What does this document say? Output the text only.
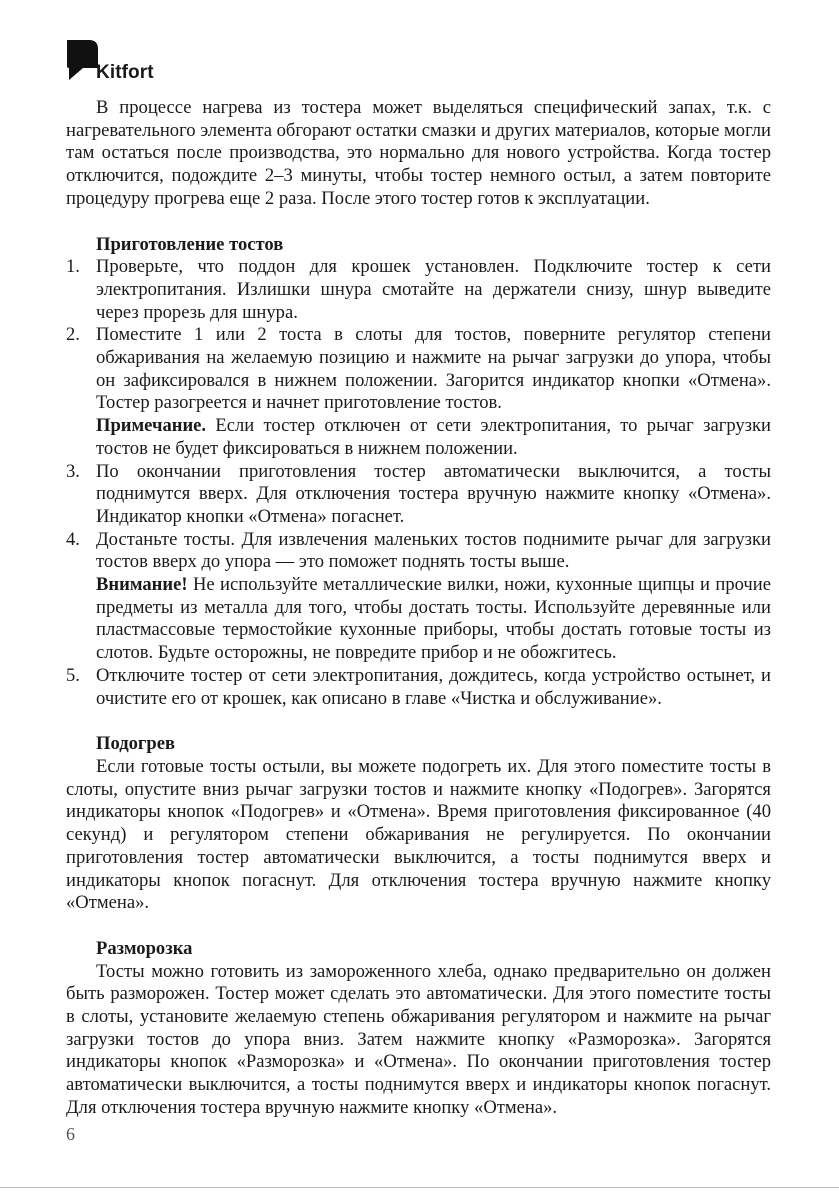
Kitfort

В процессе нагрева из тостера может выделяться специфический запах, т.к. с нагревательного элемента обгорают остатки смазки и других материалов, которые могли там остаться после производства, это нормально для нового устройства. Когда тостер отключится, подождите 2–3 минуты, чтобы тостер немного остыл, а затем повторите процедуру прогрева еще 2 раза. После этого тостер готов к эксплуатации.

Приготовление тостов
1. Проверьте, что поддон для крошек установлен. Подключите тостер к сети электропитания. Излишки шнура смотайте на держатели снизу, шнур выведите через прорезь для шнура.

2. Поместите 1 или 2 тоста в слоты для тостов, поверните регулятор степени обжаривания на желаемую позицию и нажмите на рычаг загрузки до упора, чтобы он зафиксировался в нижнем положении. Загорится индикатор кнопки «Отмена». Тостер разогреется и начнет приготовление тостов.

Примечание. Если тостер отключен от сети электропитания, то рычаг загрузки тостов не будет фиксироваться в нижнем положении.

3. По окончании приготовления тостер автоматически выключится, а тосты поднимутся вверх. Для отключения тостера вручную нажмите кнопку «Отмена». Индикатор кнопки «Отмена» погаснет.

4. Достаньте тосты. Для извлечения маленьких тостов поднимите рычаг для загрузки тостов вверх до упора — это поможет поднять тосты выше.

Внимание! Не используйте металлические вилки, ножи, кухонные щипцы и прочие предметы из металла для того, чтобы достать тосты. Используйте деревянные или пластмассовые термостойкие кухонные приборы, чтобы достать готовые тосты из слотов. Будьте осторожны, не повредите прибор и не обожгитесь.

5. Отключите тостер от сети электропитания, дождитесь, когда устройство остынет, и очистите его от крошек, как описано в главе «Чистка и обслуживание».

Подогрев

Если готовые тосты остыли, вы можете подогреть их. Для этого поместите тосты в слоты, опустите вниз рычаг загрузки тостов и нажмите кнопку «Подогрев». Загорятся индикаторы кнопок «Подогрев» и «Отмена». Время приготовления фиксированное (40 секунд) и регулятором степени обжаривания не регулируется. По окончании приготовления тостер автоматически выключится, а тосты поднимутся вверх и индикаторы кнопок погаснут. Для отключения тостера вручную нажмите кнопку «Отмена».

Разморозка

Тосты можно готовить из замороженного хлеба, однако предварительно он должен быть разморожен. Тостер может сделать это автоматически. Для этого поместите тосты в слоты, установите желаемую степень обжаривания регулятором и нажмите на рычаг загрузки тостов до упора вниз. Затем нажмите кнопку «Разморозка». Загорятся индикаторы кнопок «Разморозка» и «Отмена». По окончании приготовления тостер автоматически выключится, а тосты поднимутся вверх и индикаторы кнопок погаснут. Для отключения тостера вручную нажмите кнопку «Отмена».

6
